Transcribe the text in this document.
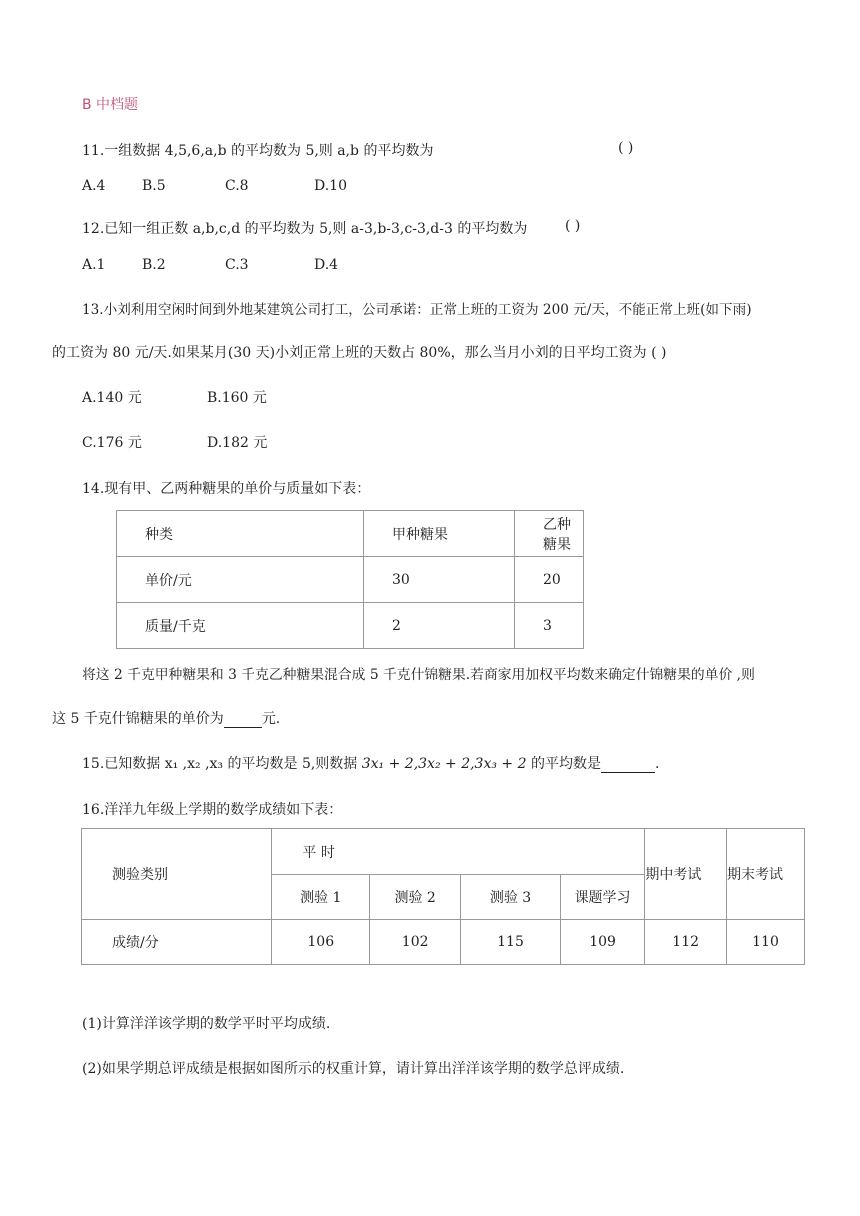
B 中档题
11.一组数据 4,5,6,a,b 的平均数为 5,则 a,b 的平均数为	( )
A.4	B.5	C.8	D.10
12.已知一组正数 a,b,c,d 的平均数为 5,则 a-3,b-3,c-3,d-3 的平均数为	( )
A.1	B.2	C.3	D.4
13.小刘利用空闲时间到外地某建筑公司打工，公司承诺：正常上班的工资为 200 元/天，不能正常上班(如下雨)
的工资为 80 元/天.如果某月(30 天)小刘正常上班的天数占 80%，那么当月小刘的日平均工资为 ( )
A.140 元	B.160 元
C.176 元	D.182 元
14.现有甲、乙两种糖果的单价与质量如下表：
种类	甲种糖果	乙种糖果
单价/元	30	20
质量/千克	2	3
将这 2 千克甲种糖果和 3 千克乙种糖果混合成 5 千克什锦糖果.若商家用加权平均数来确定什锦糖果的单价 ,则
这 5 千克什锦糖果的单价为	元.
15.已知数据 x₁ ,x₂ ,x₃ 的平均数是 5,则数据 3x₁ + 2,3x₂ + 2,3x₃ + 2 的平均数是	.
16.洋洋九年级上学期的数学成绩如下表：
测验类别	平 时				期中考试	期末考试
	测验 1	测验 2	测验 3	课题学习		
成绩/分	106	102	115	109	112	110
(1)计算洋洋该学期的数学平时平均成绩.
(2)如果学期总评成绩是根据如图所示的权重计算，请计算出洋洋该学期的数学总评成绩.
